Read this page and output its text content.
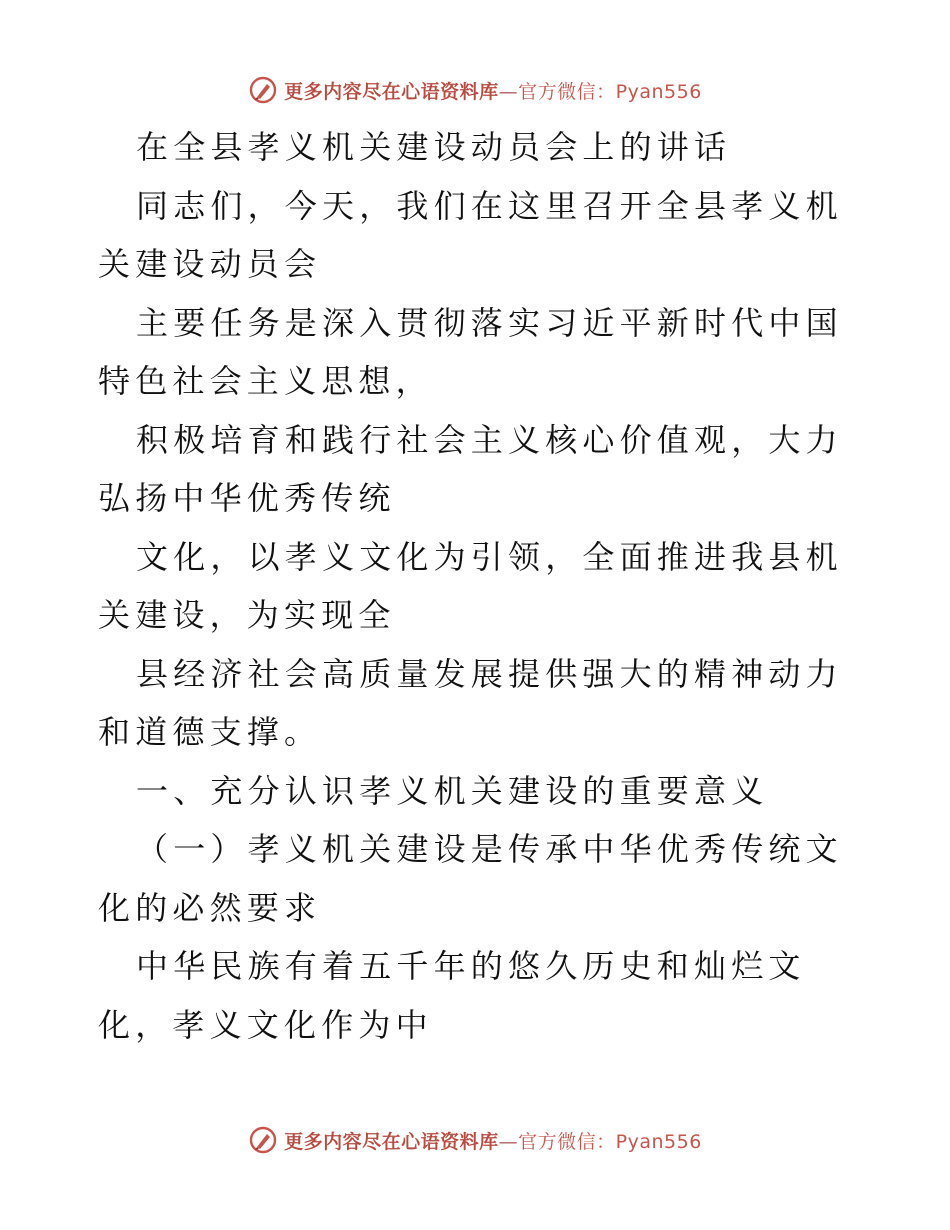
更多内容尽在心语资料库—官方微信：Pyan556

在全县孝义机关建设动员会上的讲话

同志们，今天，我们在这里召开全县孝义机关建设动员会

主要任务是深入贯彻落实习近平新时代中国特色社会主义思想，

积极培育和践行社会主义核心价值观，大力弘扬中华优秀传统

文化，以孝义文化为引领，全面推进我县机关建设，为实现全

县经济社会高质量发展提供强大的精神动力和道德支撑。

一、充分认识孝义机关建设的重要意义

（一）孝义机关建设是传承中华优秀传统文化的必然要求

中华民族有着五千年的悠久历史和灿烂文化，孝义文化作为中

更多内容尽在心语资料库—官方微信：Pyan556
